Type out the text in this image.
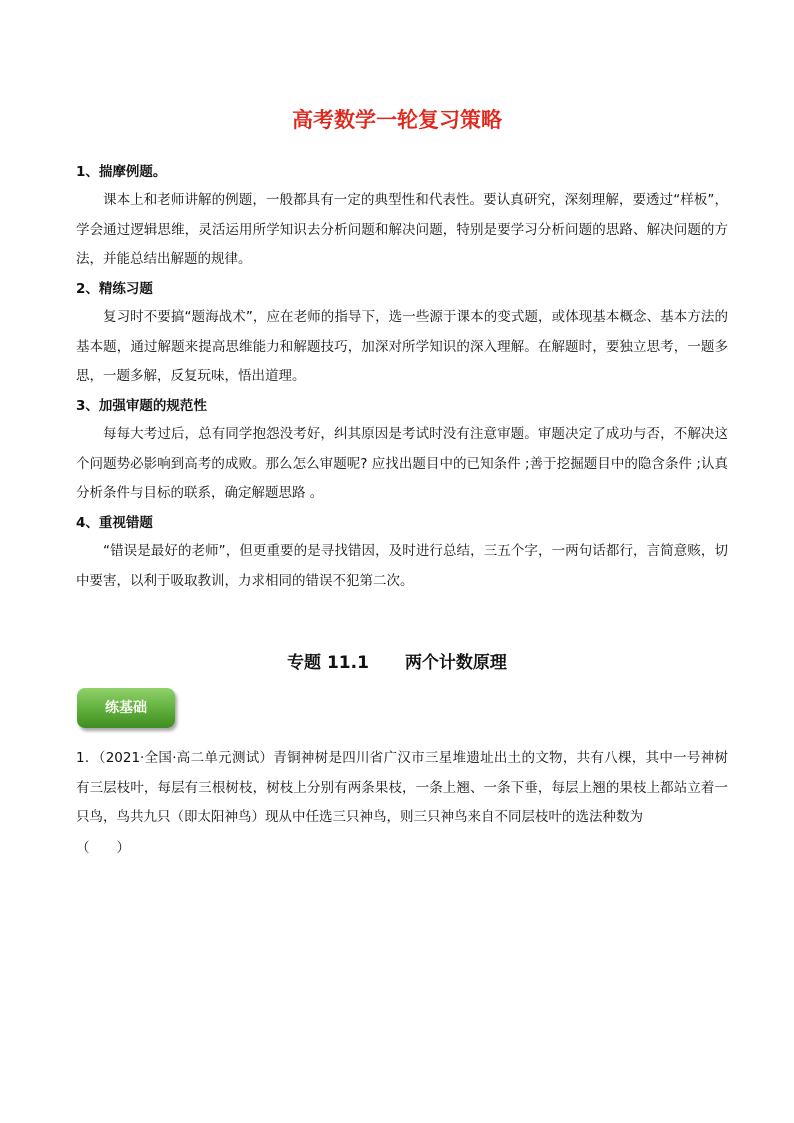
高考数学一轮复习策略
1、揣摩例题。
课本上和老师讲解的例题，一般都具有一定的典型性和代表性。要认真研究，深刻理解，要透过“样板”，学会通过逻辑思维，灵活运用所学知识去分析问题和解决问题，特别是要学习分析问题的思路、解决问题的方法，并能总结出解题的规律。
2、精练习题
复习时不要搞“题海战术”，应在老师的指导下，选一些源于课本的变式题，或体现基本概念、基本方法的基本题，通过解题来提高思维能力和解题技巧，加深对所学知识的深入理解。在解题时，要独立思考，一题多思，一题多解，反复玩味，悟出道理。
3、加强审题的规范性
每每大考过后，总有同学抱怨没考好，纠其原因是考试时没有注意审题。审题决定了成功与否，不解决这个问题势必影响到高考的成败。那么怎么审题呢? 应找出题目中的已知条件 ;善于挖掘题目中的隐含条件 ;认真分析条件与目标的联系，确定解题思路 。
4、重视错题
“错误是最好的老师”，但更重要的是寻找错因，及时进行总结，三五个字，一两句话都行，言简意赅，切中要害，以利于吸取教训，力求相同的错误不犯第二次。
专题 11.1 两个计数原理
练基础
1．（2021·全国·高二单元测试）青铜神树是四川省广汉市三星堆遗址出土的文物，共有八棵，其中一号神树有三层枝叶，每层有三根树枝，树枝上分别有两条果枝，一条上翘、一条下垂，每层上翘的果枝上都站立着一只鸟，鸟共九只（即太阳神鸟）现从中任选三只神鸟，则三只神鸟来自不同层枝叶的选法种数为
（　　）
